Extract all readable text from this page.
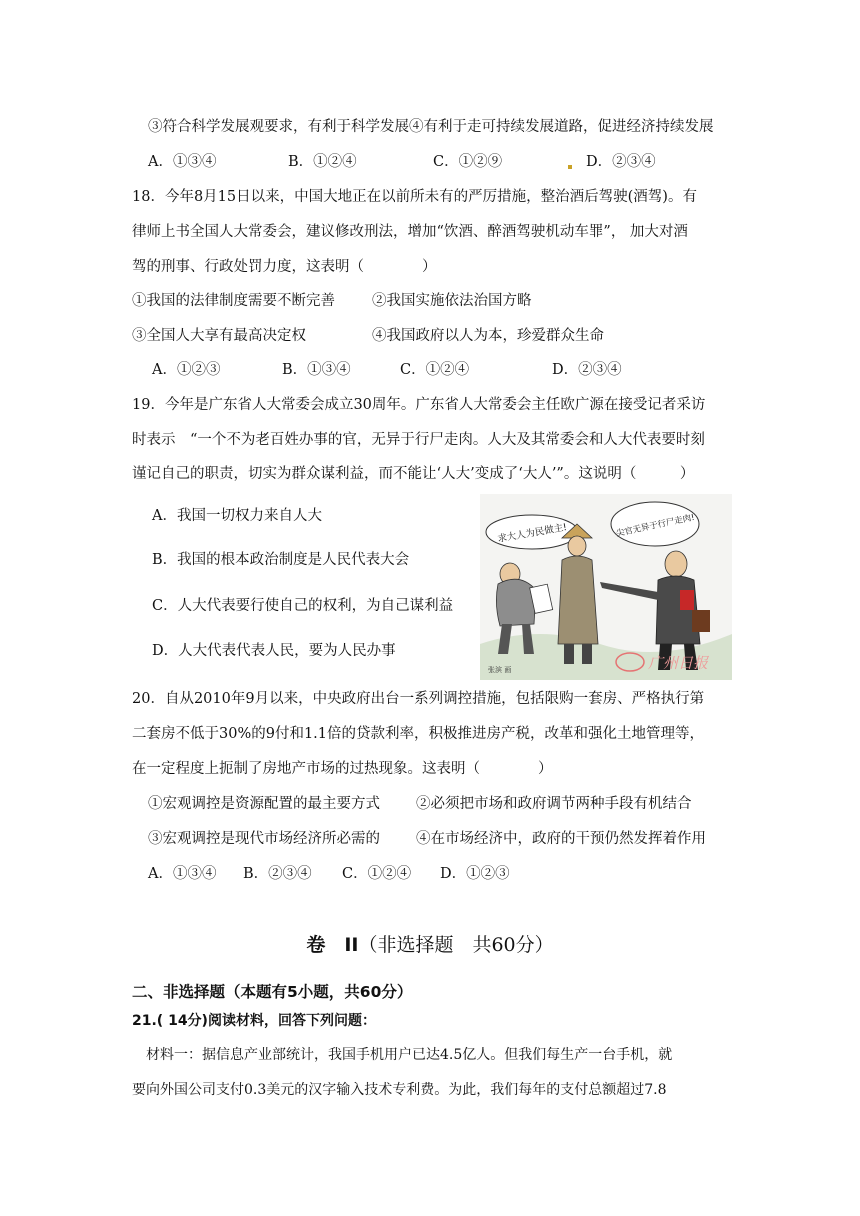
③符合科学发展观要求，有利于科学发展④有利于走可持续发展道路，促进经济持续发展
A．①③④	B．①②④	C．①②⑨	D．②③④
18．今年8月15日以来，中国大地正在以前所未有的严厉措施，整治酒后驾驶(酒驾)。有
律师上书全国人大常委会，建议修改刑法，增加“饮酒、醉酒驾驶机动车罪”， 加大对酒
驾的刑事、行政处罚力度，这表明（　　　　）
①我国的法律制度需要不断完善	②我国实施依法治国方略
③全国人大享有最高决定权	④我国政府以人为本，珍爱群众生命
A．①②③	B．①③④	C．①②④	D．②③④
19．今年是广东省人大常委会成立30周年。广东省人大常委会主任欧广源在接受记者采访
时表示　“一个不为老百姓办事的官，无异于行尸走肉。人大及其常委会和人大代表要时刻
谨记自己的职责，切实为群众谋利益，而不能让‘人大’变成了‘大人’”。这说明（　　　）
A．我国一切权力来自人大
B．我国的根本政治制度是人民代表大会
C．人大代表要行使自己的权利，为自己谋利益
D．人大代表代表人民，要为人民办事
求大人为民做主!	尖官无异于行尸走肉!
张滨 画	广州日报
20．自从2010年9月以来，中央政府出台一系列调控措施，包括限购一套房、严格执行第
二套房不低于30%的9付和1.1倍的贷款利率，积极推进房产税，改革和强化土地管理等，
在一定程度上扼制了房地产市场的过热现象。这表明（　　　　）
①宏观调控是资源配置的最主要方式 ②必须把市场和政府调节两种手段有机结合
③宏观调控是现代市场经济所必需的 ④在市场经济中，政府的干预仍然发挥着作用
A．①③④ B．②③④ C．①②④ D．①②③
卷　II（非选择题　共60分）
二、非选择题（本题有5小题，共60分）
21.( 14分)阅读材料，回答下列问题：
材料一：据信息产业部统计，我国手机用户已达4.5亿人。但我们每生产一台手机，就
要向外国公司支付0.3美元的汉字输入技术专利费。为此，我们每年的支付总额超过7.8
